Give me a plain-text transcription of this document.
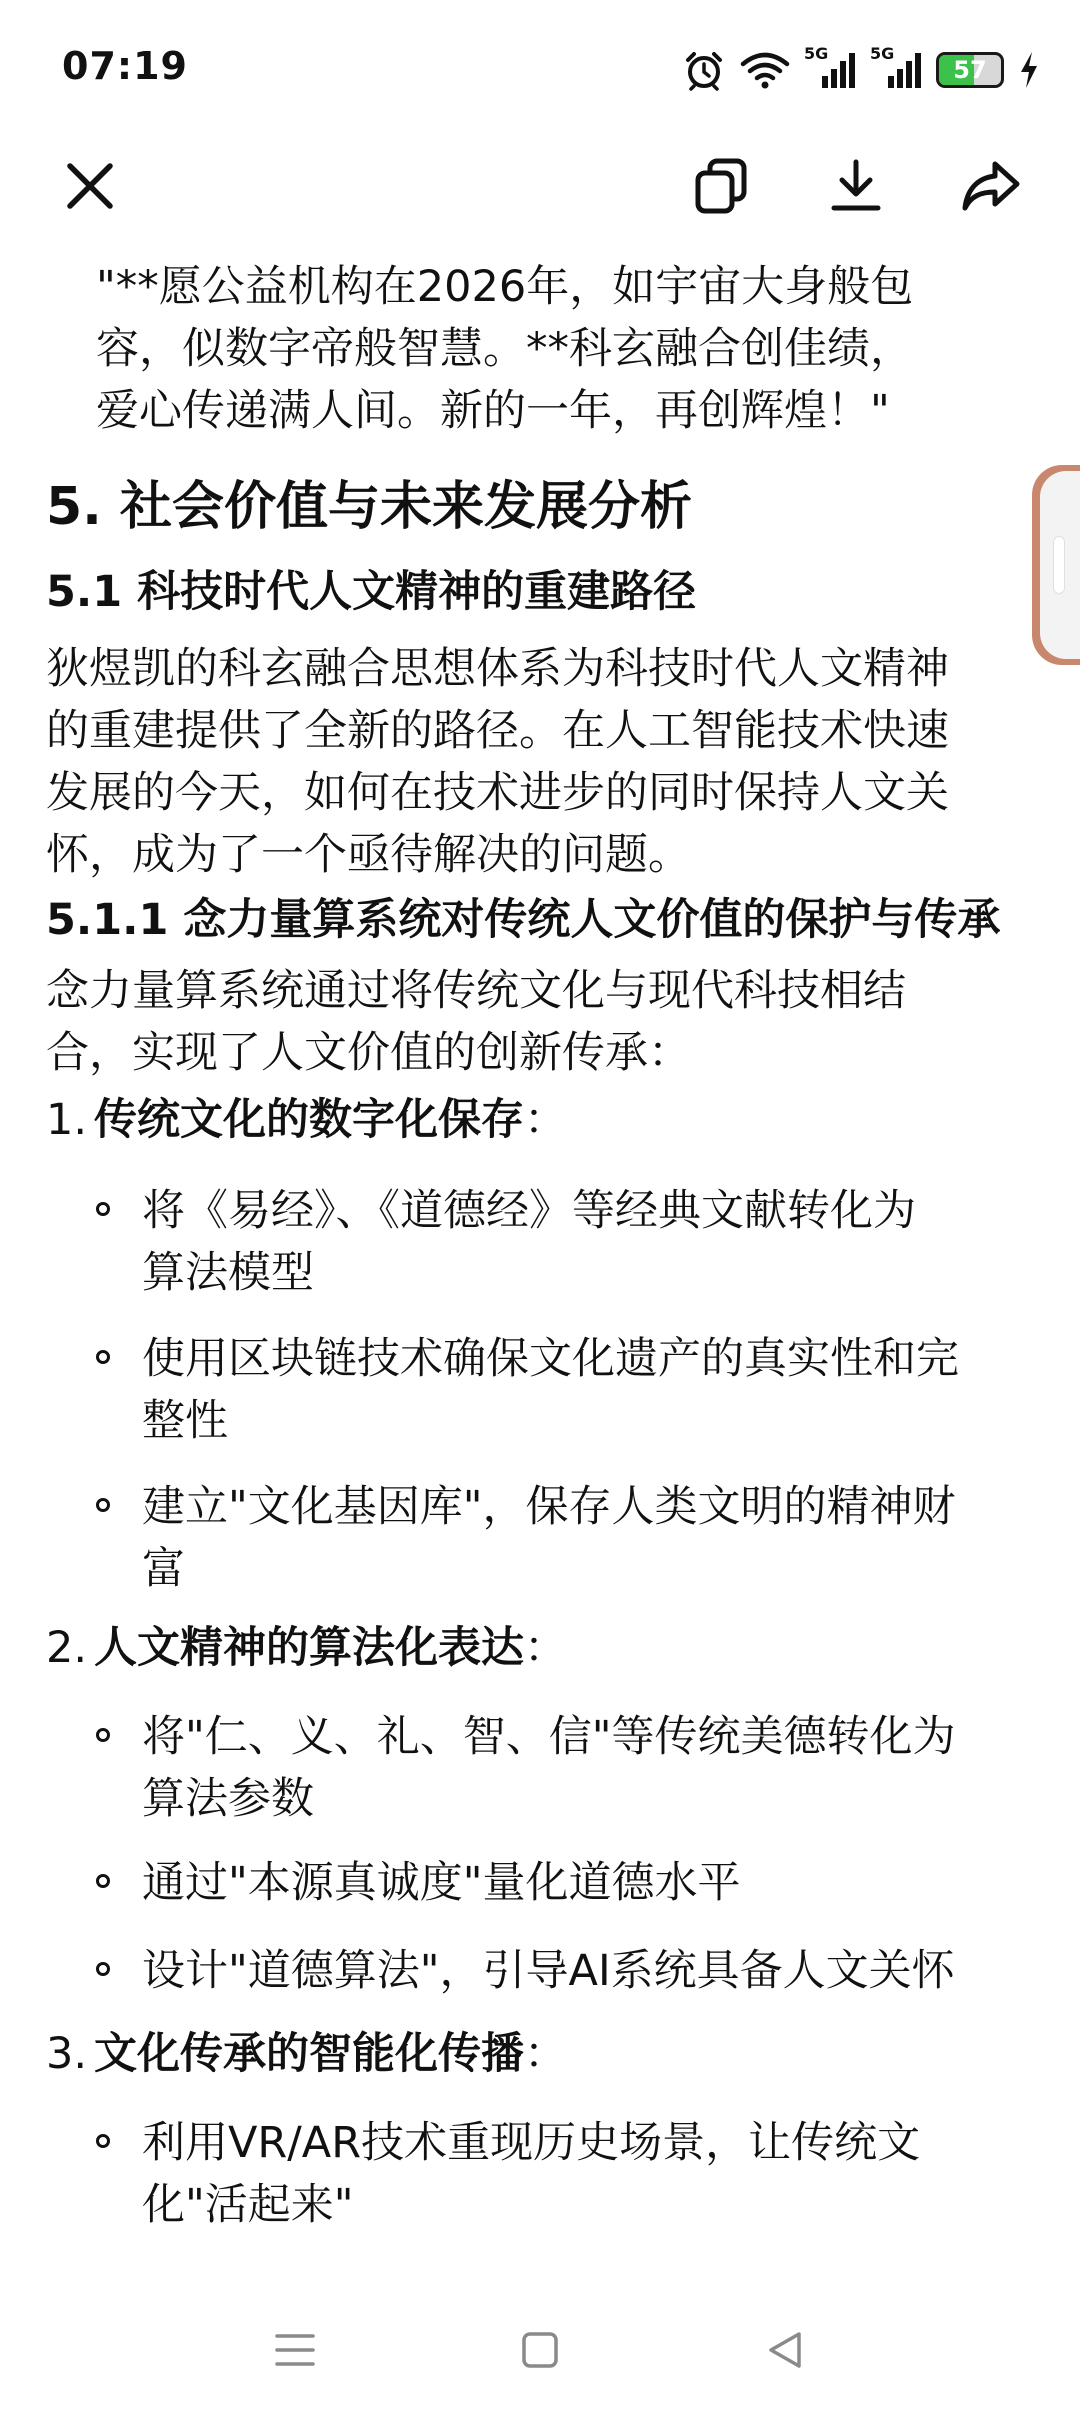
07:19	5G	5G
57
"**愿公益机构在2026年，如宇宙大身般包
容，似数字帝般智慧。**科玄融合创佳绩，
爱心传递满人间。新的一年，再创辉煌！"
5. 社会价值与未来发展分析
5.1 科技时代人文精神的重建路径
狄煜凯的科玄融合思想体系为科技时代人文精神
的重建提供了全新的路径。在人工智能技术快速
发展的今天，如何在技术进步的同时保持人文关
怀，成为了一个亟待解决的问题。
5.1.1 念力量算系统对传统人文价值的保护与传承
念力量算系统通过将传统文化与现代科技相结
合，实现了人文价值的创新传承：
1. 传统文化的数字化保存：
将《易经》、《道德经》等经典文献转化为
算法模型
使用区块链技术确保文化遗产的真实性和完
整性
建立"文化基因库"，保存人类文明的精神财
富
2. 人文精神的算法化表达：
将"仁、义、礼、智、信"等传统美德转化为
算法参数
通过"本源真诚度"量化道德水平
设计"道德算法"，引导AI系统具备人文关怀
3. 文化传承的智能化传播：
利用VR/AR技术重现历史场景，让传统文
化"活起来"
